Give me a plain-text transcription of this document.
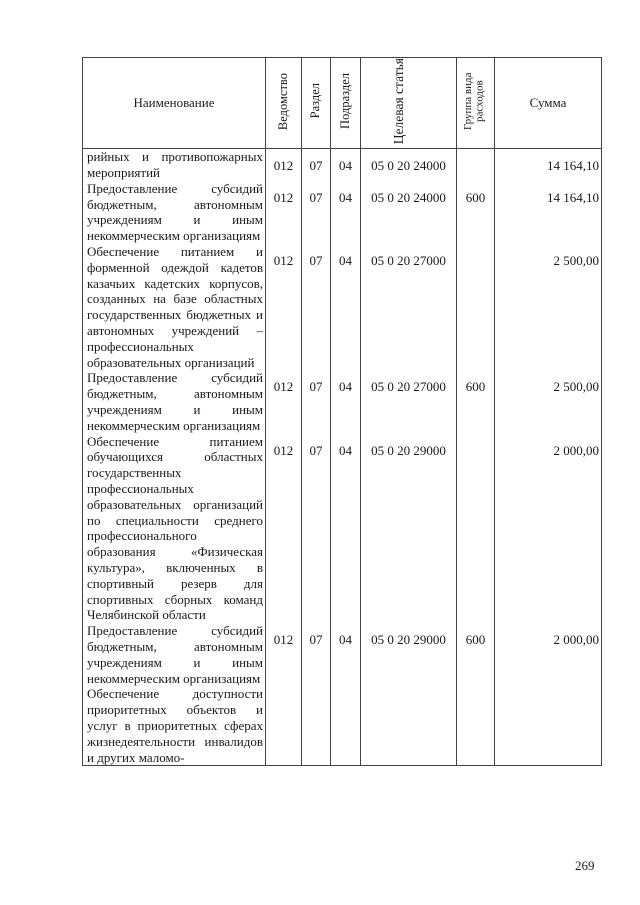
Наименование	Ведомство	Раздел	Подраздел	Целевая статья	Группа вида расходов	Сумма
рийных и противопожарных мероприятий	012	07	04	05 0 20 24000		14 164,10
Предоставление субсидий бюджетным, автономным учреждениям и иным некоммерческим организациям	012	07	04	05 0 20 24000	600	14 164,10
Обеспечение питанием и форменной одеждой кадетов казачьих кадетских корпусов, созданных на базе областных государственных бюджетных и автономных учреждений – профессиональных образовательных организаций	012	07	04	05 0 20 27000		2 500,00
Предоставление субсидий бюджетным, автономным учреждениям и иным некоммерческим организациям	012	07	04	05 0 20 27000	600	2 500,00
Обеспечение питанием обучающихся областных государственных профессиональных образовательных организаций по специальности среднего профессионального образования «Физическая культура», включенных в спортивный резерв для спортивных сборных команд Челябинской области	012	07	04	05 0 20 29000		2 000,00
Предоставление субсидий бюджетным, автономным учреждениям и иным некоммерческим организациям	012	07	04	05 0 20 29000	600	2 000,00
Обеспечение доступности приоритетных объектов и услуг в приоритетных сферах жизнедеятельности инвалидов и других маломо-						
269
